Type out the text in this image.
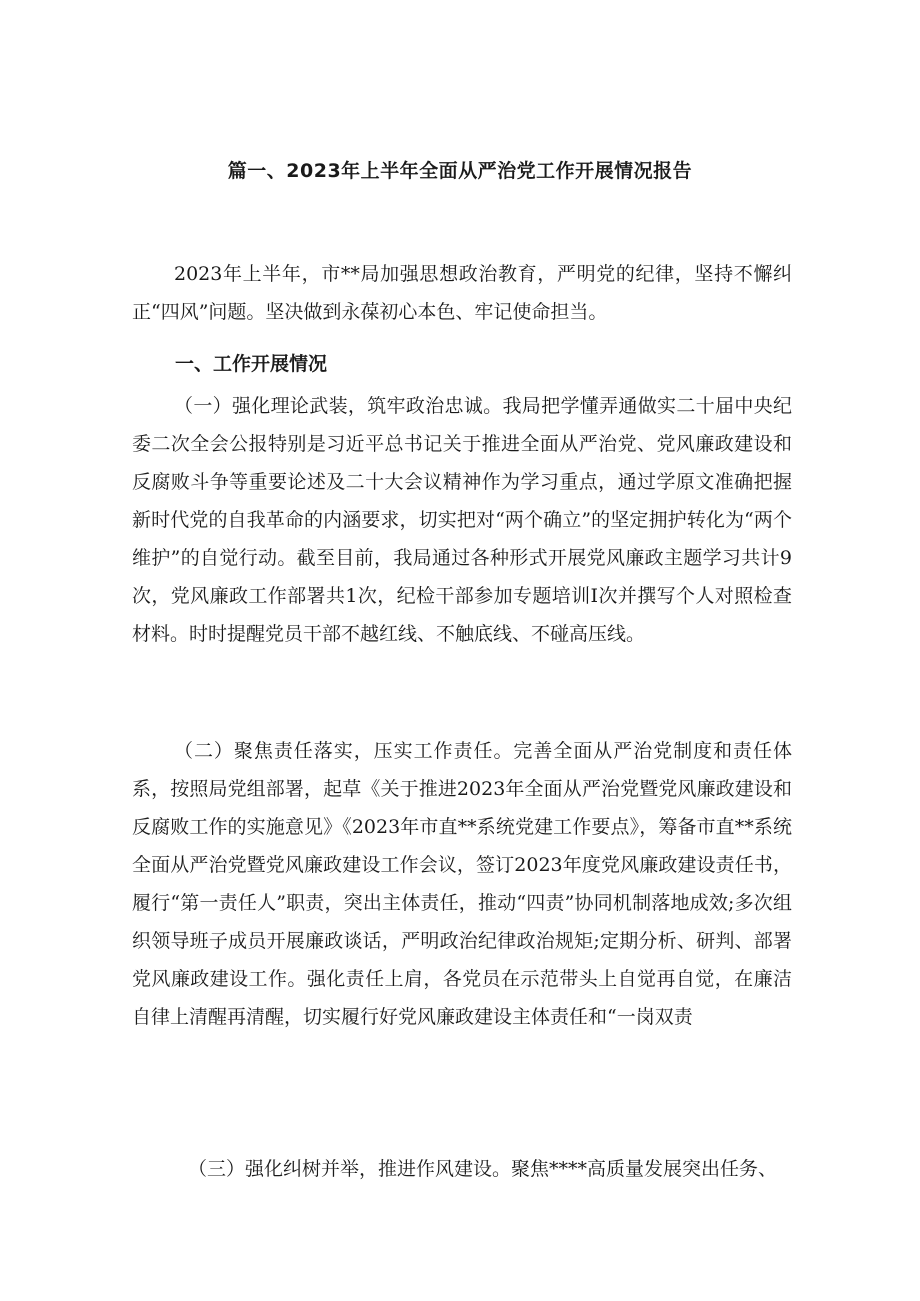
篇一、2023年上半年全面从严治党工作开展情况报告

2023年上半年，市**局加强思想政治教育，严明党的纪律，坚持不懈纠正“四风”问题。坚决做到永葆初心本色、牢记使命担当。

一、工作开展情况

（一）强化理论武装，筑牢政治忠诚。我局把学懂弄通做实二十届中央纪委二次全会公报特别是习近平总书记关于推进全面从严治党、党风廉政建设和反腐败斗争等重要论述及二十大会议精神作为学习重点，通过学原文准确把握新时代党的自我革命的内涵要求，切实把对“两个确立”的坚定拥护转化为“两个维护”的自觉行动。截至目前，我局通过各种形式开展党风廉政主题学习共计9次，党风廉政工作部署共1次，纪检干部参加专题培训I次并撰写个人对照检查材料。时时提醒党员干部不越红线、不触底线、不碰高压线。

（二）聚焦责任落实，压实工作责任。完善全面从严治党制度和责任体系，按照局党组部署，起草《关于推进2023年全面从严治党暨党风廉政建设和反腐败工作的实施意见》《2023年市直**系统党建工作要点》，筹备市直**系统全面从严治党暨党风廉政建设工作会议，签订2023年度党风廉政建设责任书，履行“第一责任人”职责，突出主体责任，推动“四责”协同机制落地成效;多次组织领导班子成员开展廉政谈话，严明政治纪律政治规矩;定期分析、研判、部署党风廉政建设工作。强化责任上肩，各党员在示范带头上自觉再自觉，在廉洁自律上清醒再清醒，切实履行好党风廉政建设主体责任和“一岗双责

（三）强化纠树并举，推进作风建设。聚焦****高质量发展突出任务、
